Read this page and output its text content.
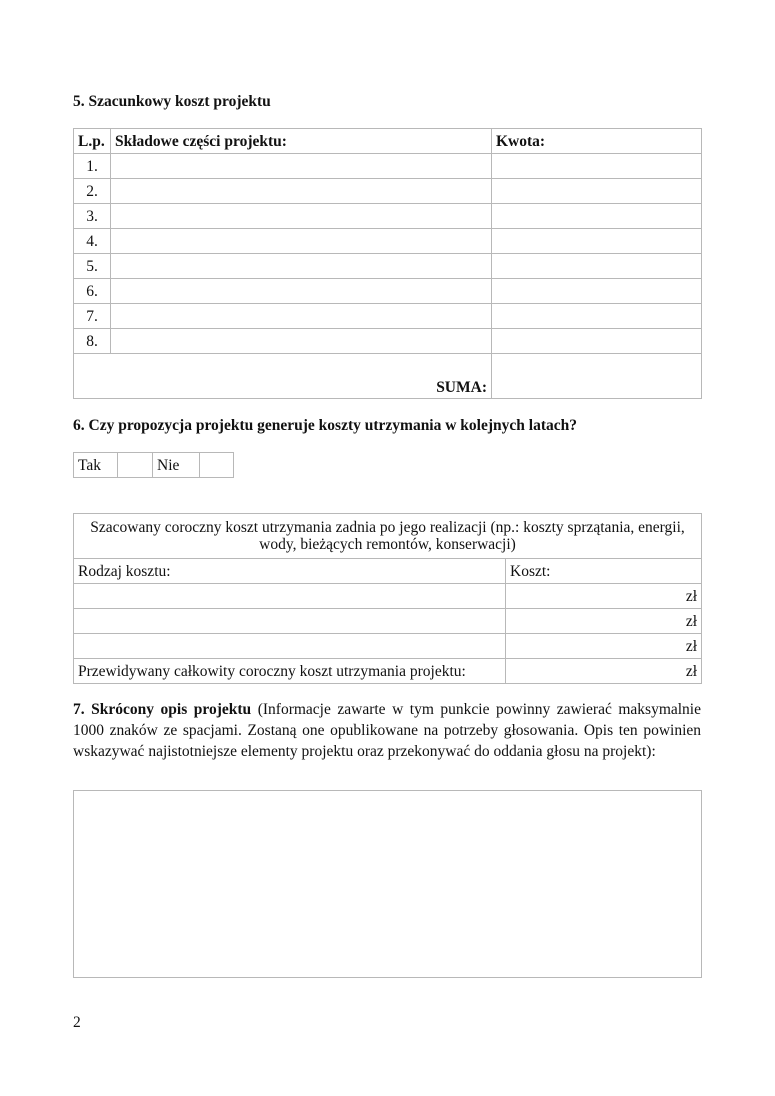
5. Szacunkowy koszt projektu
L.p.	Składowe części projektu:	Kwota:
1.		
2.		
3.		
4.		
5.		
6.		
7.		
8.		
SUMA:		
6. Czy propozycja projektu generuje koszty utrzymania w kolejnych latach?
Tak		Nie	
Szacowany coroczny koszt utrzymania zadnia po jego realizacji (np.: koszty sprzątania, energii, wody, bieżących remontów, konserwacji)	
Rodzaj kosztu:	Koszt:
	zł
	zł
	zł
Przewidywany całkowity coroczny koszt utrzymania projektu:	zł
7. Skrócony opis projektu (Informacje zawarte w tym punkcie powinny zawierać maksymalnie 1000 znaków ze spacjami. Zostaną one opublikowane na potrzeby głosowania. Opis ten powinien wskazywać najistotniejsze elementy projektu oraz przekonywać do oddania głosu na projekt):
2
